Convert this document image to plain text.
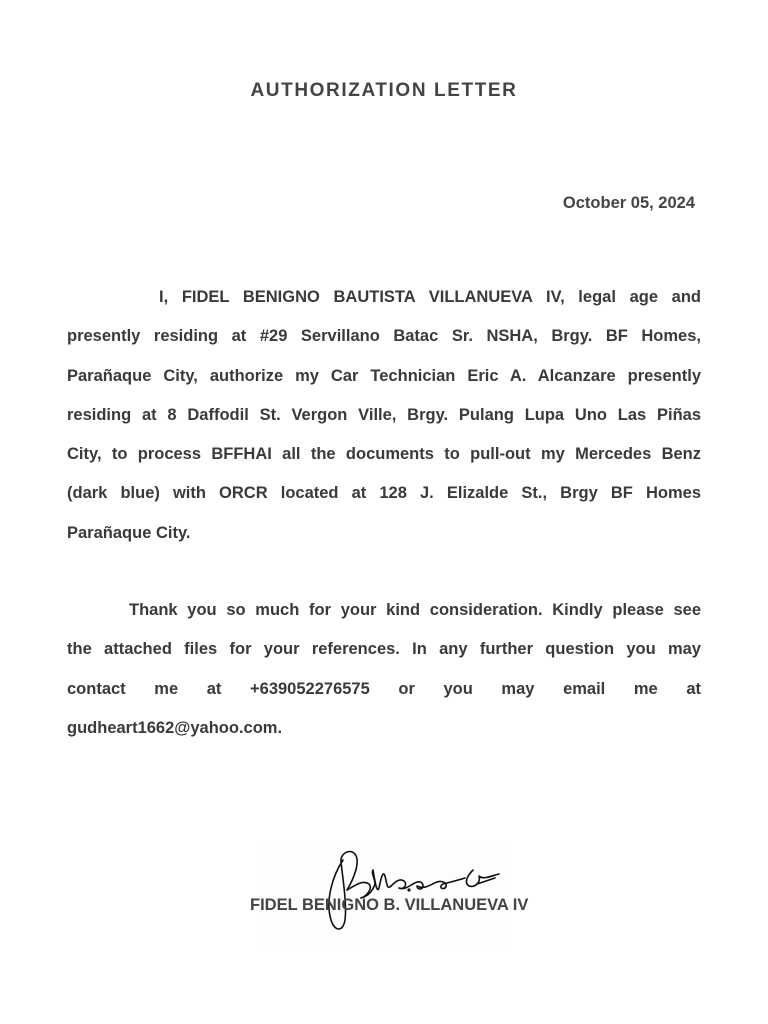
AUTHORIZATION LETTER
October 05, 2024
I, FIDEL BENIGNO BAUTISTA VILLANUEVA IV, legal age and
presently residing at #29 Servillano Batac Sr. NSHA, Brgy. BF Homes,
Parañaque City, authorize my Car Technician Eric A. Alcanzare presently
residing at 8 Daffodil St. Vergon Ville, Brgy. Pulang Lupa Uno Las Piñas
City, to process BFFHAI all the documents to pull-out my Mercedes Benz
(dark blue) with ORCR located at 128 J. Elizalde St., Brgy BF Homes
Parañaque City.
Thank you so much for your kind consideration. Kindly please see
the attached files for your references. In any further question you may
contact me at +639052276575 or you may email me at
gudheart1662@yahoo.com.
FIDEL BENIGNO B. VILLANUEVA IV
